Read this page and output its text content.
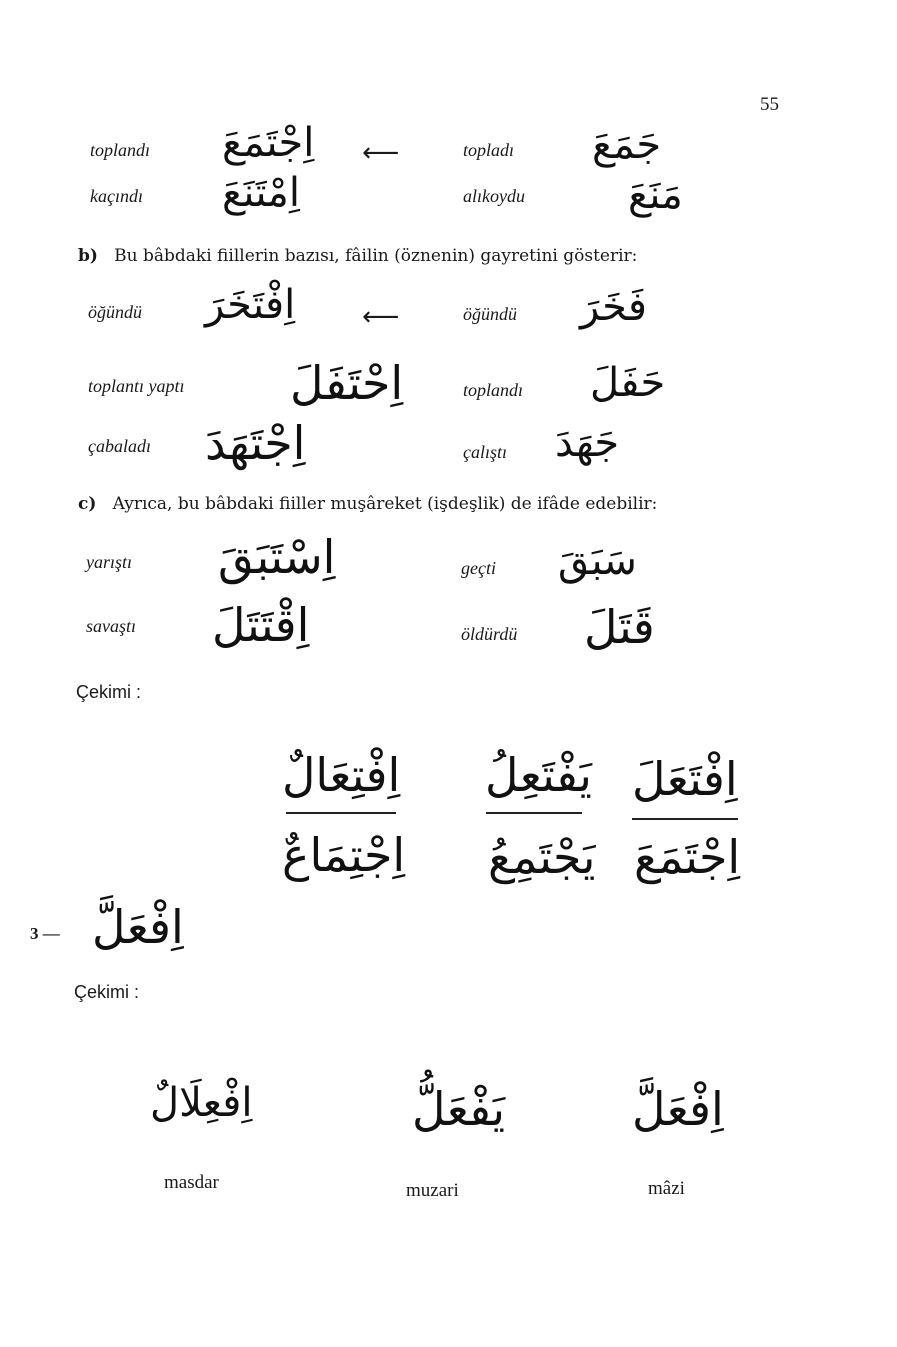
55
toplandı اِجْتَمَعَ ⟵	topladı جَمَعَ
kaçındı اِمْتَنَعَ	alıkoydu	مَنَعَ
b) Bu bâbdaki fiillerin bazısı, fâilin (öznenin) gayretini gösterir:
öğündü اِفْتَخَرَ	⟵	öğündü فَخَرَ
toplantı yaptı اِحْتَفَلَ	toplandı حَفَلَ
çabaladı اِجْتَهَدَ	çalıştı جَهَدَ
c) Ayrıca, bu bâbdaki fiiller muşâreket (işdeşlik) de ifâde edebilir:
yarıştı اِسْتَبَقَ	geçti سَبَقَ
savaştı اِقْتَتَلَ	öldürdü قَتَلَ
Çekimi :
اِفْتِعَالٌ يَفْتَعِلُ اِفْتَعَلَ
اِجْتِمَاعٌ يَجْتَمِعُ اِجْتَمَعَ
3 — اِفْعَلَّ
Çekimi :
اِفْعِلَالٌ	يَفْعَلُّ	اِفْعَلَّ
masdar	muzari	mâzi
